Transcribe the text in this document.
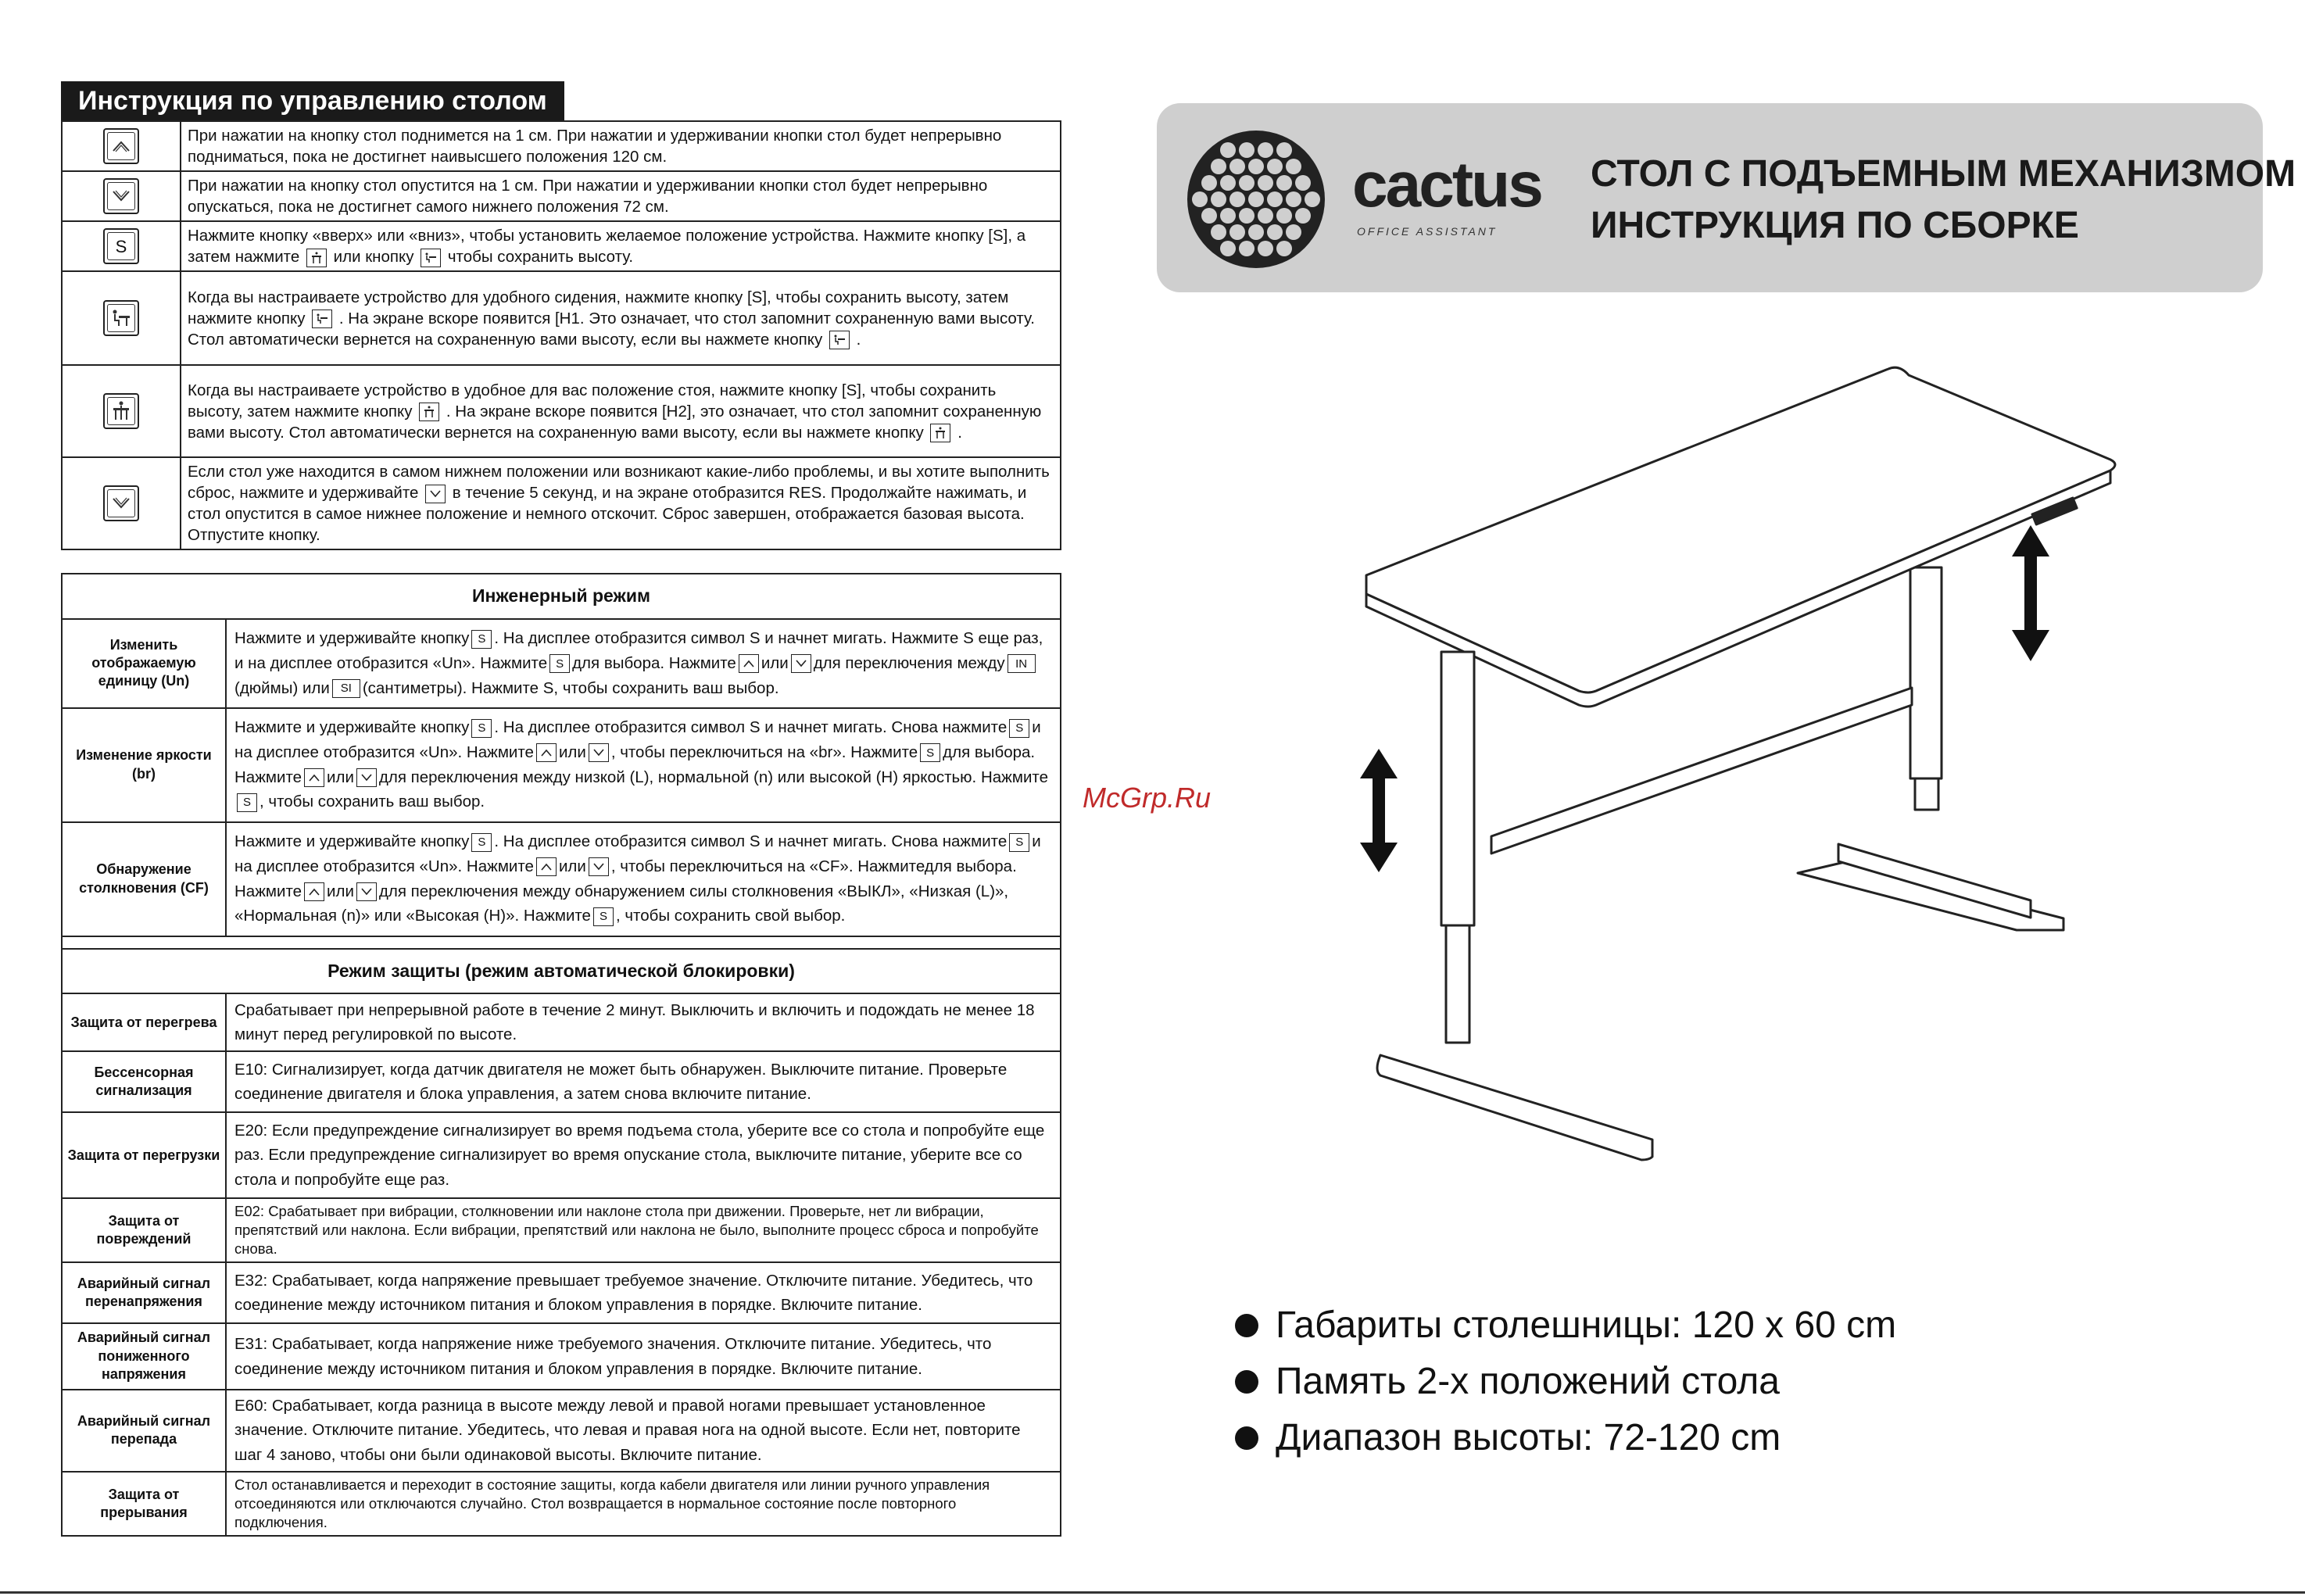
Инструкция по управлению столом
	При нажатии на кнопку стол поднимется на 1 см. При нажатии и удерживании кнопки стол будет непрерывно подниматься, пока не достигнет наивысшего положения 120 см.

	При нажатии на кнопку стол опустится на 1 см. При нажатии и удерживании кнопки стол будет непрерывно опускаться, пока не достигнет самого нижнего положения 72 см.

S	Нажмите кнопку «вверх» или «вниз», чтобы установить желаемое положение устройства. Нажмите кнопку [S], а затем нажмите или кнопку чтобы сохранить высоту.

	Когда вы настраиваете устройство для удобного сидения, нажмите кнопку [S], чтобы сохранить высоту, затем нажмите кнопку . На экране вскоре появится [H1. Это означает, что стол запомнит сохраненную вами высоту. Стол автоматически вернется на сохраненную вами высоту, если вы нажмете кнопку .

	Когда вы настраиваете устройство в удобное для вас положение стоя, нажмите кнопку [S], чтобы сохранить высоту, затем нажмите кнопку . На экране вскоре появится [H2], это означает, что стол запомнит сохраненную вами высоту. Стол автоматически вернется на сохраненную вами высоту, если вы нажмете кнопку .

	Если стол уже находится в самом нижнем положении или возникают какие-либо проблемы, и вы хотите выполнить сброс, нажмите и удерживайте в течение 5 секунд, и на экране отобразится RES. Продолжайте нажимать, и стол опустится в самое нижнее положение и немного отскочит. Сброс завершен, отображается базовая высота. Отпустите кнопку.
Инженерный режим	
Изменить отображаемую единицу (Un)	Нажмите и удерживайте кнопку S . На дисплее отобразится символ S и начнет мигать. Нажмите S еще раз, и на дисплее отобразится «Un». Нажмите S для выбора. Нажмите или для переключения между IN(дюймы) или SI (сантиметры). Нажмите S, чтобы сохранить ваш выбор.
Изменение яркости (br)	Нажмите и удерживайте кнопку S . На дисплее отобразится символ S и начнет мигать. Снова нажмите S и на дисплее отобразится «Un». Нажмите или , чтобы переключиться на «br». Нажмите S для выбора. Нажмите или для переключения между низкой (L), нормальной (n) или высокой (H) яркостью. НажмитеS , чтобы сохранить ваш выбор.
Обнаружение столкновения (CF)	Нажмите и удерживайте кнопку S . На дисплее отобразится символ S и начнет мигать. Снова нажмите S и на дисплее отобразится «Un». Нажмите или , чтобы переключиться на «CF». Нажмитедля выбора. Нажмите или для переключения между обнаружением силы столкновения «ВЫКЛ», «Низкая (L)», «Нормальная (n)» или «Высокая (H)». Нажмите S , чтобы сохранить свой выбор.

Режим защиты (режим автоматической блокировки)	
Защита от перегрева	Срабатывает при непрерывной работе в течение 2 минут. Выключить и включить и подождать не менее 18 минут перед регулировкой по высоте.
Бессенсорная сигнализация	E10: Сигнализирует, когда датчик двигателя не может быть обнаружен. Выключите питание. Проверьте соединение двигателя и блока управления, а затем снова включите питание.
Защита от перегрузки	E20: Если предупреждение сигнализирует во время подъема стола, уберите все со стола и попробуйте еще раз. Если предупреждение сигнализирует во время опускание стола, выключите питание, уберите все со стола и попробуйте еще раз.
Защита от повреждений	E02: Срабатывает при вибрации, столкновении или наклоне стола при движении. Проверьте, нет ли вибрации, препятствий или наклона. Если вибрации, препятствий или наклона не было, выполните процесс сброса и попробуйте снова.
Аварийный сигнал перенапряжения	E32: Срабатывает, когда напряжение превышает требуемое значение. Отключите питание. Убедитесь, что соединение между источником питания и блоком управления в порядке. Включите питание.
Аварийный сигнал пониженного напряжения	E31: Срабатывает, когда напряжение ниже требуемого значения. Отключите питание. Убедитесь, что соединение между источником питания и блоком управления в порядке. Включите питание.
Аварийный сигнал перепада	E60: Срабатывает, когда разница в высоте между левой и правой ногами превышает установленное значение. Отключите питание. Убедитесь, что левая и правая нога на одной высоте. Если нет, повторите шаг 4 заново, чтобы они были одинаковой высоты. Включите питание.
Защита от прерывания	Стол останавливается и переходит в состояние защиты, когда кабели двигателя или линии ручного управления отсоединяются или отключаются случайно. Стол возвращается в нормальное состояние после повторного подключения.
cactus
OFFICE ASSISTANT
СТОЛ С ПОДЪЕМНЫМ МЕХАНИЗМОМ
ИНСТРУКЦИЯ ПО СБОРКЕ
McGrp.Ru
Габариты столешницы: 120 x 60 cm
Память 2-х положений стола
Диапазон высоты: 72-120 cm
